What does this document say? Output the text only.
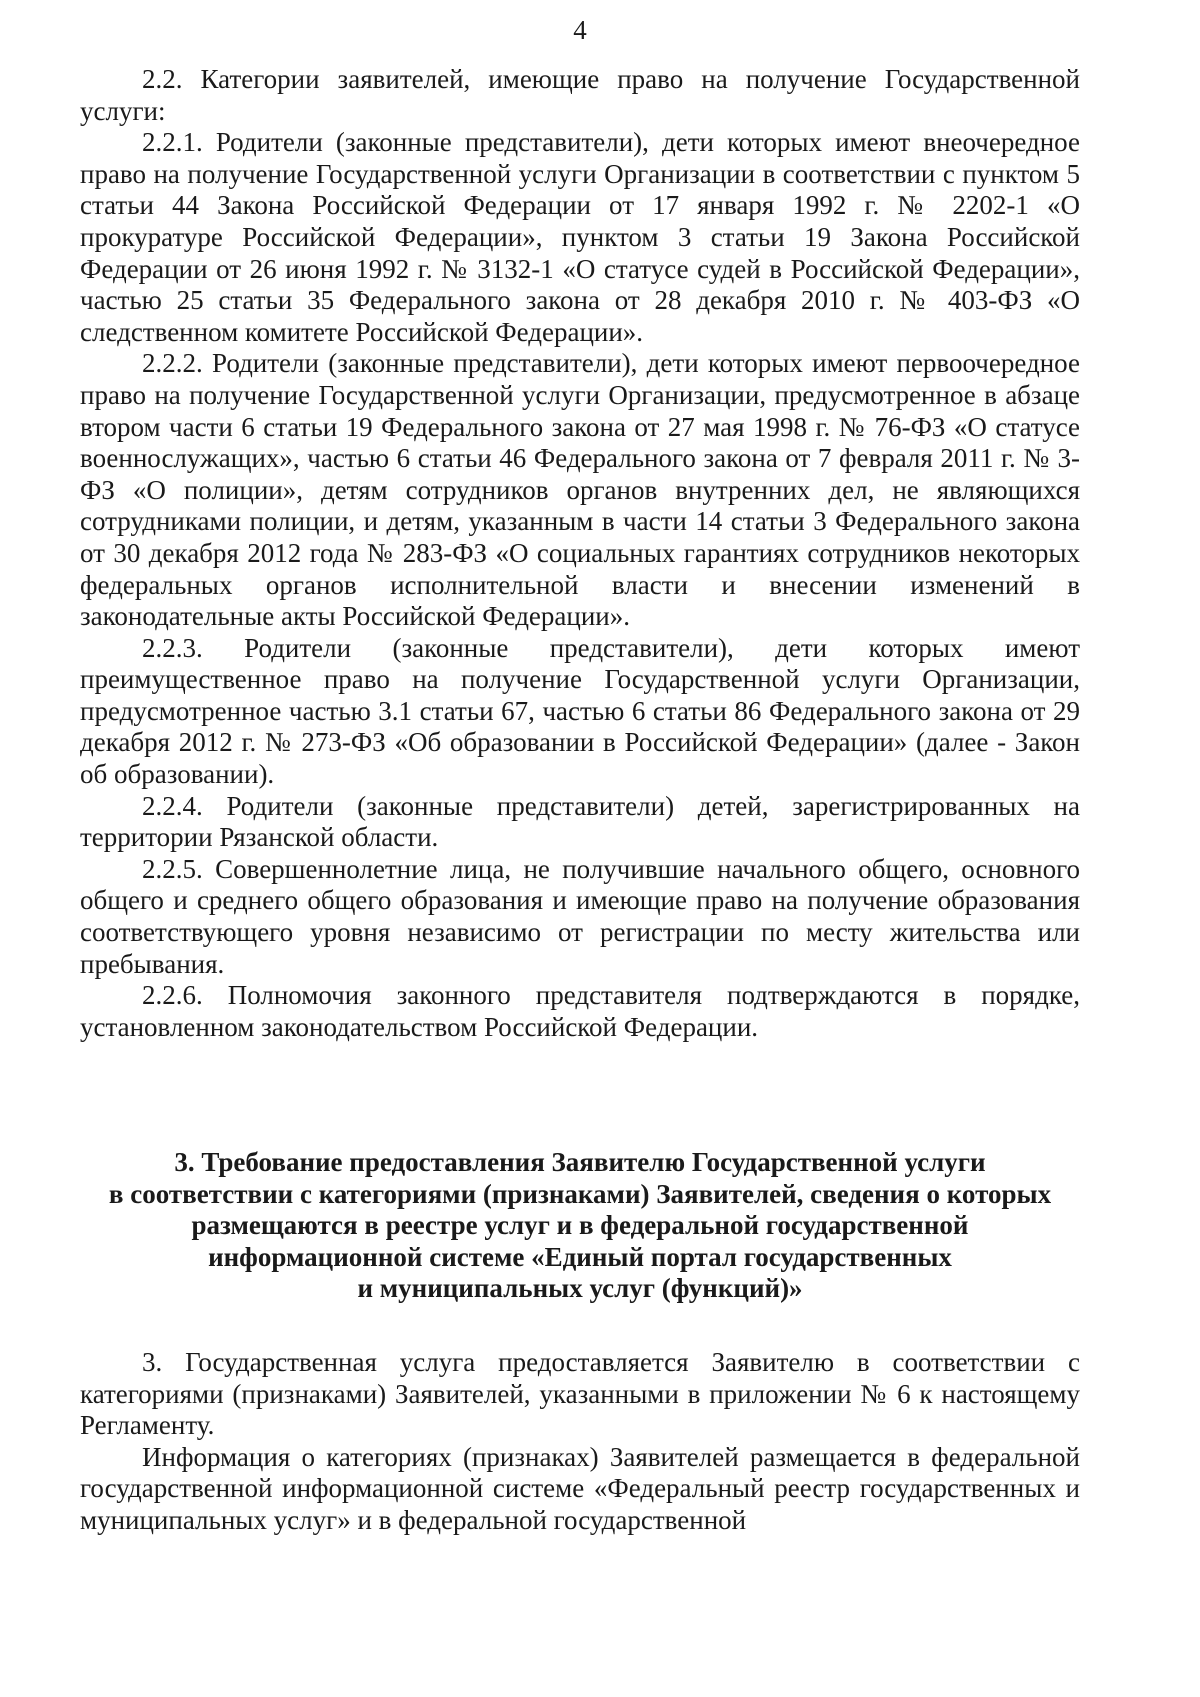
4

2.2. Категории заявителей, имеющие право на получение Государственной услуги:

2.2.1. Родители (законные представители), дети которых имеют внеочередное право на получение Государственной услуги Организации в соответствии с пунктом 5 статьи 44 Закона Российской Федерации от 17 января 1992 г. № 2202-1 «О прокуратуре Российской Федерации», пунктом 3 статьи 19 Закона Российской Федерации от 26 июня 1992 г. № 3132-1 «О статусе судей в Российской Федерации», частью 25 статьи 35 Федерального закона от 28 декабря 2010 г. № 403-ФЗ «О следственном комитете Российской Федерации».

2.2.2. Родители (законные представители), дети которых имеют первоочередное право на получение Государственной услуги Организации, предусмотренное в абзаце втором части 6 статьи 19 Федерального закона от 27 мая 1998 г. № 76-ФЗ «О статусе военнослужащих», частью 6 статьи 46 Федерального закона от 7 февраля 2011 г. № 3-ФЗ «О полиции», детям сотрудников органов внутренних дел, не являющихся сотрудниками полиции, и детям, указанным в части 14 статьи 3 Федерального закона от 30 декабря 2012 года № 283-ФЗ «О социальных гарантиях сотрудников некоторых федеральных органов исполнительной власти и внесении изменений в законодательные акты Российской Федерации».

2.2.3. Родители (законные представители), дети которых имеют преимущественное право на получение Государственной услуги Организации, предусмотренное частью 3.1 статьи 67, частью 6 статьи 86 Федерального закона от 29 декабря 2012 г. № 273-ФЗ «Об образовании в Российской Федерации» (далее - Закон об образовании).

2.2.4. Родители (законные представители) детей, зарегистрированных на территории Рязанской области.

2.2.5. Совершеннолетние лица, не получившие начального общего, основного общего и среднего общего образования и имеющие право на получение образования соответствующего уровня независимо от регистрации по месту жительства или пребывания.

2.2.6. Полномочия законного представителя подтверждаются в порядке, установленном законодательством Российской Федерации.

3. Требование предоставления Заявителю Государственной услуги
в соответствии с категориями (признаками) Заявителей, сведения о которых
размещаются в реестре услуг и в федеральной государственной
информационной системе «Единый портал государственных
и муниципальных услуг (функций)»

3. Государственная услуга предоставляется Заявителю в соответствии с категориями (признаками) Заявителей, указанными в приложении № 6 к настоящему Регламенту.

Информация о категориях (признаках) Заявителей размещается в федеральной государственной информационной системе «Федеральный реестр государственных и муниципальных услуг» и в федеральной государственной
